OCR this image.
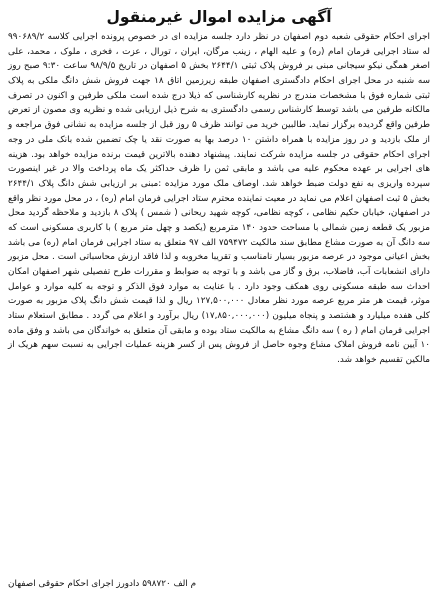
آگهی مزایده اموال غیرمنقول

اجرای احکام حقوقی شعبه دوم اصفهان در نظر دارد جلسه مزایده ای در خصوص پرونده اجرایی کلاسه ۹۹۰۶۸۹/۲ له ستاد اجرایی فرمان امام (ره) و علیه الهام ، زینب مرگان، ایران ، تورال ، عزت ، فخری ، ملوک ، محمد، علی اصغر همگی نیکو سیجانی مبنی بر فروش پلاک ثبتی ۲۶۴۴/۱ بخش ۵ اصفهان در تاریخ ۹۸/۹/۵ ساعت ۹:۳۰ صبح روز سه شنبه در محل اجرای احکام دادگستری اصفهان طبقه زیرزمین اتاق ۱۸ جهت فروش شش دانگ ملکی به پلاک ثبتی شماره فوق با مشخصات مندرج در نظریه کارشناسی که ذیلا درج شده است ملکی طرفین و اکنون در تصرف مالکانه طرفین می باشد توسط کارشناس رسمی دادگستری به شرح ذیل ارزیابی شده و نظریه وی مصون از تعرض طرفین واقع گردیده برگزار نماید. طالبین خرید می توانند ظرف ۵ روز قبل از جلسه مزایده به نشانی فوق مراجعه و از ملک بازدید و در روز مزایده با همراه داشتن ۱۰ درصد بها به صورت نقد یا چک تضمین شده بانک ملی در وجه اجرای احکام حقوقی در جلسه مزایده شرکت نمایند. پیشنهاد دهنده بالاترین قیمت برنده مزایده خواهد بود. هزینه های اجرایی بر عهده محکوم علیه می باشد و مابقی ثمن را ظرف حداکثر یک ماه پرداخت والا در غیر اینصورت سپرده واریزی به نفع دولت ضبط خواهد شد. اوصاف ملک مورد مزایده :مبنی بر ارزیابی شش دانگ پلاک ۲۶۴۴/۱ بخش ۵ ثبت اصفهان اعلام می نماید در معیت نماینده محترم ستاد اجرایی فرمان امام (ره) ، در محل مورد نظر واقع در اصفهان، خیابان حکیم نظامی ، کوچه نظامی، کوچه شهید ریحانی ( شمس ) پلاک ۸ بازدید و ملاحظه گردید محل مزبور یک قطعه زمین شمالی با مساحت حدود ۱۴۰ مترمربع (یکصد و چهل متر مربع ) با کاربری مسکونی است که سه دانگ آن به صورت مشاع مطابق سند مالکیت ۷۵۹۴۷۲ الف ۹۷ متعلق به ستاد اجرایی فرمان امام (ره) می باشد بخش اعیانی موجود در عرصه مزبور بسیار نامناسب و تقریبا مخروبه و لذا فاقد ارزش محاسباتی است . محل مزبور دارای انشعابات آب، فاضلاب، برق و گاز می باشد و با توجه به ضوابط و مقررات طرح تفصیلی شهر اصفهان امکان احداث سه طبقه مسکونی روی همکف وجود دارد . با عنایت به موارد فوق الذکر و توجه به کلیه موارد و عوامل موثر، قیمت هر متر مربع عرصه مورد نظر معادل ۱۲۷,۵۰۰,۰۰۰ ریال و لذا قیمت شش دانگ پلاک مزبور به صورت کلی هفده میلیارد و هشتصد و پنجاه میلیون (۱۷,۸۵۰,۰۰۰,۰۰۰) ریال برآورد و اعلام می گردد . مطابق استعلام ستاد اجرایی فرمان امام ( ره ) سه دانگ مشاع به مالکیت ستاد بوده و مابقی آن متعلق به خواندگان می باشد و وفق ماده ۱۰ آیین نامه فروش املاک مشاع وجوه حاصل از فروش پس از کسر هزینه عملیات اجرایی به نسبت سهم هریک از مالکین تقسیم خواهد شد.

م الف ۵۹۸۷۲۰ دادورز اجرای احکام حقوقی اصفهان
